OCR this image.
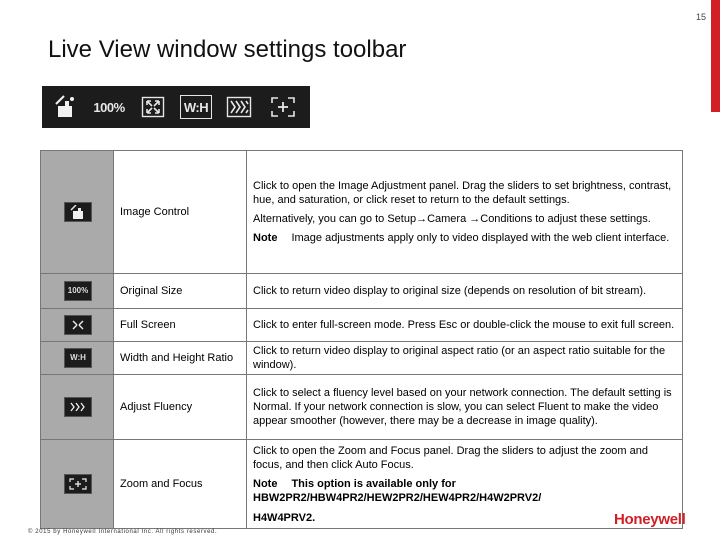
15
Live View window settings toolbar
100%	W:H
	Image Control	Click to open the Image Adjustment panel. Drag the sliders to set brightness, contrast, hue, and saturation, or click reset to return to the default settings.

Alternatively, you can go to Setup→Camera →Conditions to adjust these settings.

Note Image adjustments apply only to video displayed with the web client interface.

100%	Original Size	Click to return video display to original size (depends on resolution of bit stream).

	Full Screen	Click to enter full-screen mode. Press Esc or double-click the mouse to exit full screen.
W:H	Width and Height Ratio	Click to return video display to original aspect ratio (or an aspect ratio suitable for the window).

	Adjust Fluency	Click to select a fluency level based on your network connection. The default setting is Normal. If your network connection is slow, you can select Fluent to make the video appear smoother (however, there may be a decrease in image quality).

	Zoom and Focus	Click to open the Zoom and Focus panel. Drag the sliders to adjust the zoom and focus, and then click Auto Focus.

Note This option is available only for HBW2PR2/HBW4PR2/HEW2PR2/HEW4PR2/H4W2PRV2/

H4W4PRV2.

© 2015 by Honeywell International Inc. All rights reserved.
Honeywell
